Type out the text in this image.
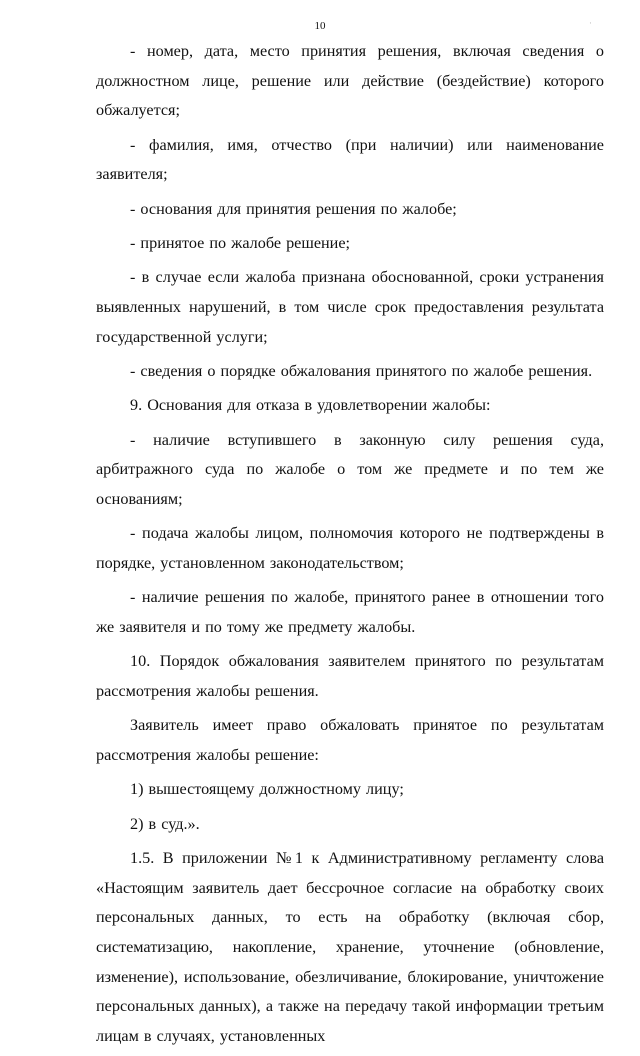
10	·

- номер, дата, место принятия решения, включая сведения о должностном лице, решение или действие (бездействие) которого обжалуется;

- фамилия, имя, отчество (при наличии) или наименование заявителя;

- основания для принятия решения по жалобе;

- принятое по жалобе решение;

- в случае если жалоба признана обоснованной, сроки устранения выявленных нарушений, в том числе срок предоставления результата государственной услуги;

- сведения о порядке обжалования принятого по жалобе решения.

9. Основания для отказа в удовлетворении жалобы:

- наличие вступившего в законную силу решения суда, арбитражного суда по жалобе о том же предмете и по тем же основаниям;

- подача жалобы лицом, полномочия которого не подтверждены в порядке, установленном законодательством;

- наличие решения по жалобе, принятого ранее в отношении того же заявителя и по тому же предмету жалобы.

10. Порядок обжалования заявителем принятого по результатам рассмотрения жалобы решения.

Заявитель имеет право обжаловать принятое по результатам рассмотрения жалобы решение:

1) вышестоящему должностному лицу;

2) в суд.».

1.5. В приложении №1 к Административному регламенту слова «Настоящим заявитель дает бессрочное согласие на обработку своих персональных данных, то есть на обработку (включая сбор, систематизацию, накопление, хранение, уточнение (обновление, изменение), использование, обезличивание, блокирование, уничтожение персональных данных), а также на передачу такой информации третьим лицам в случаях, установленных
